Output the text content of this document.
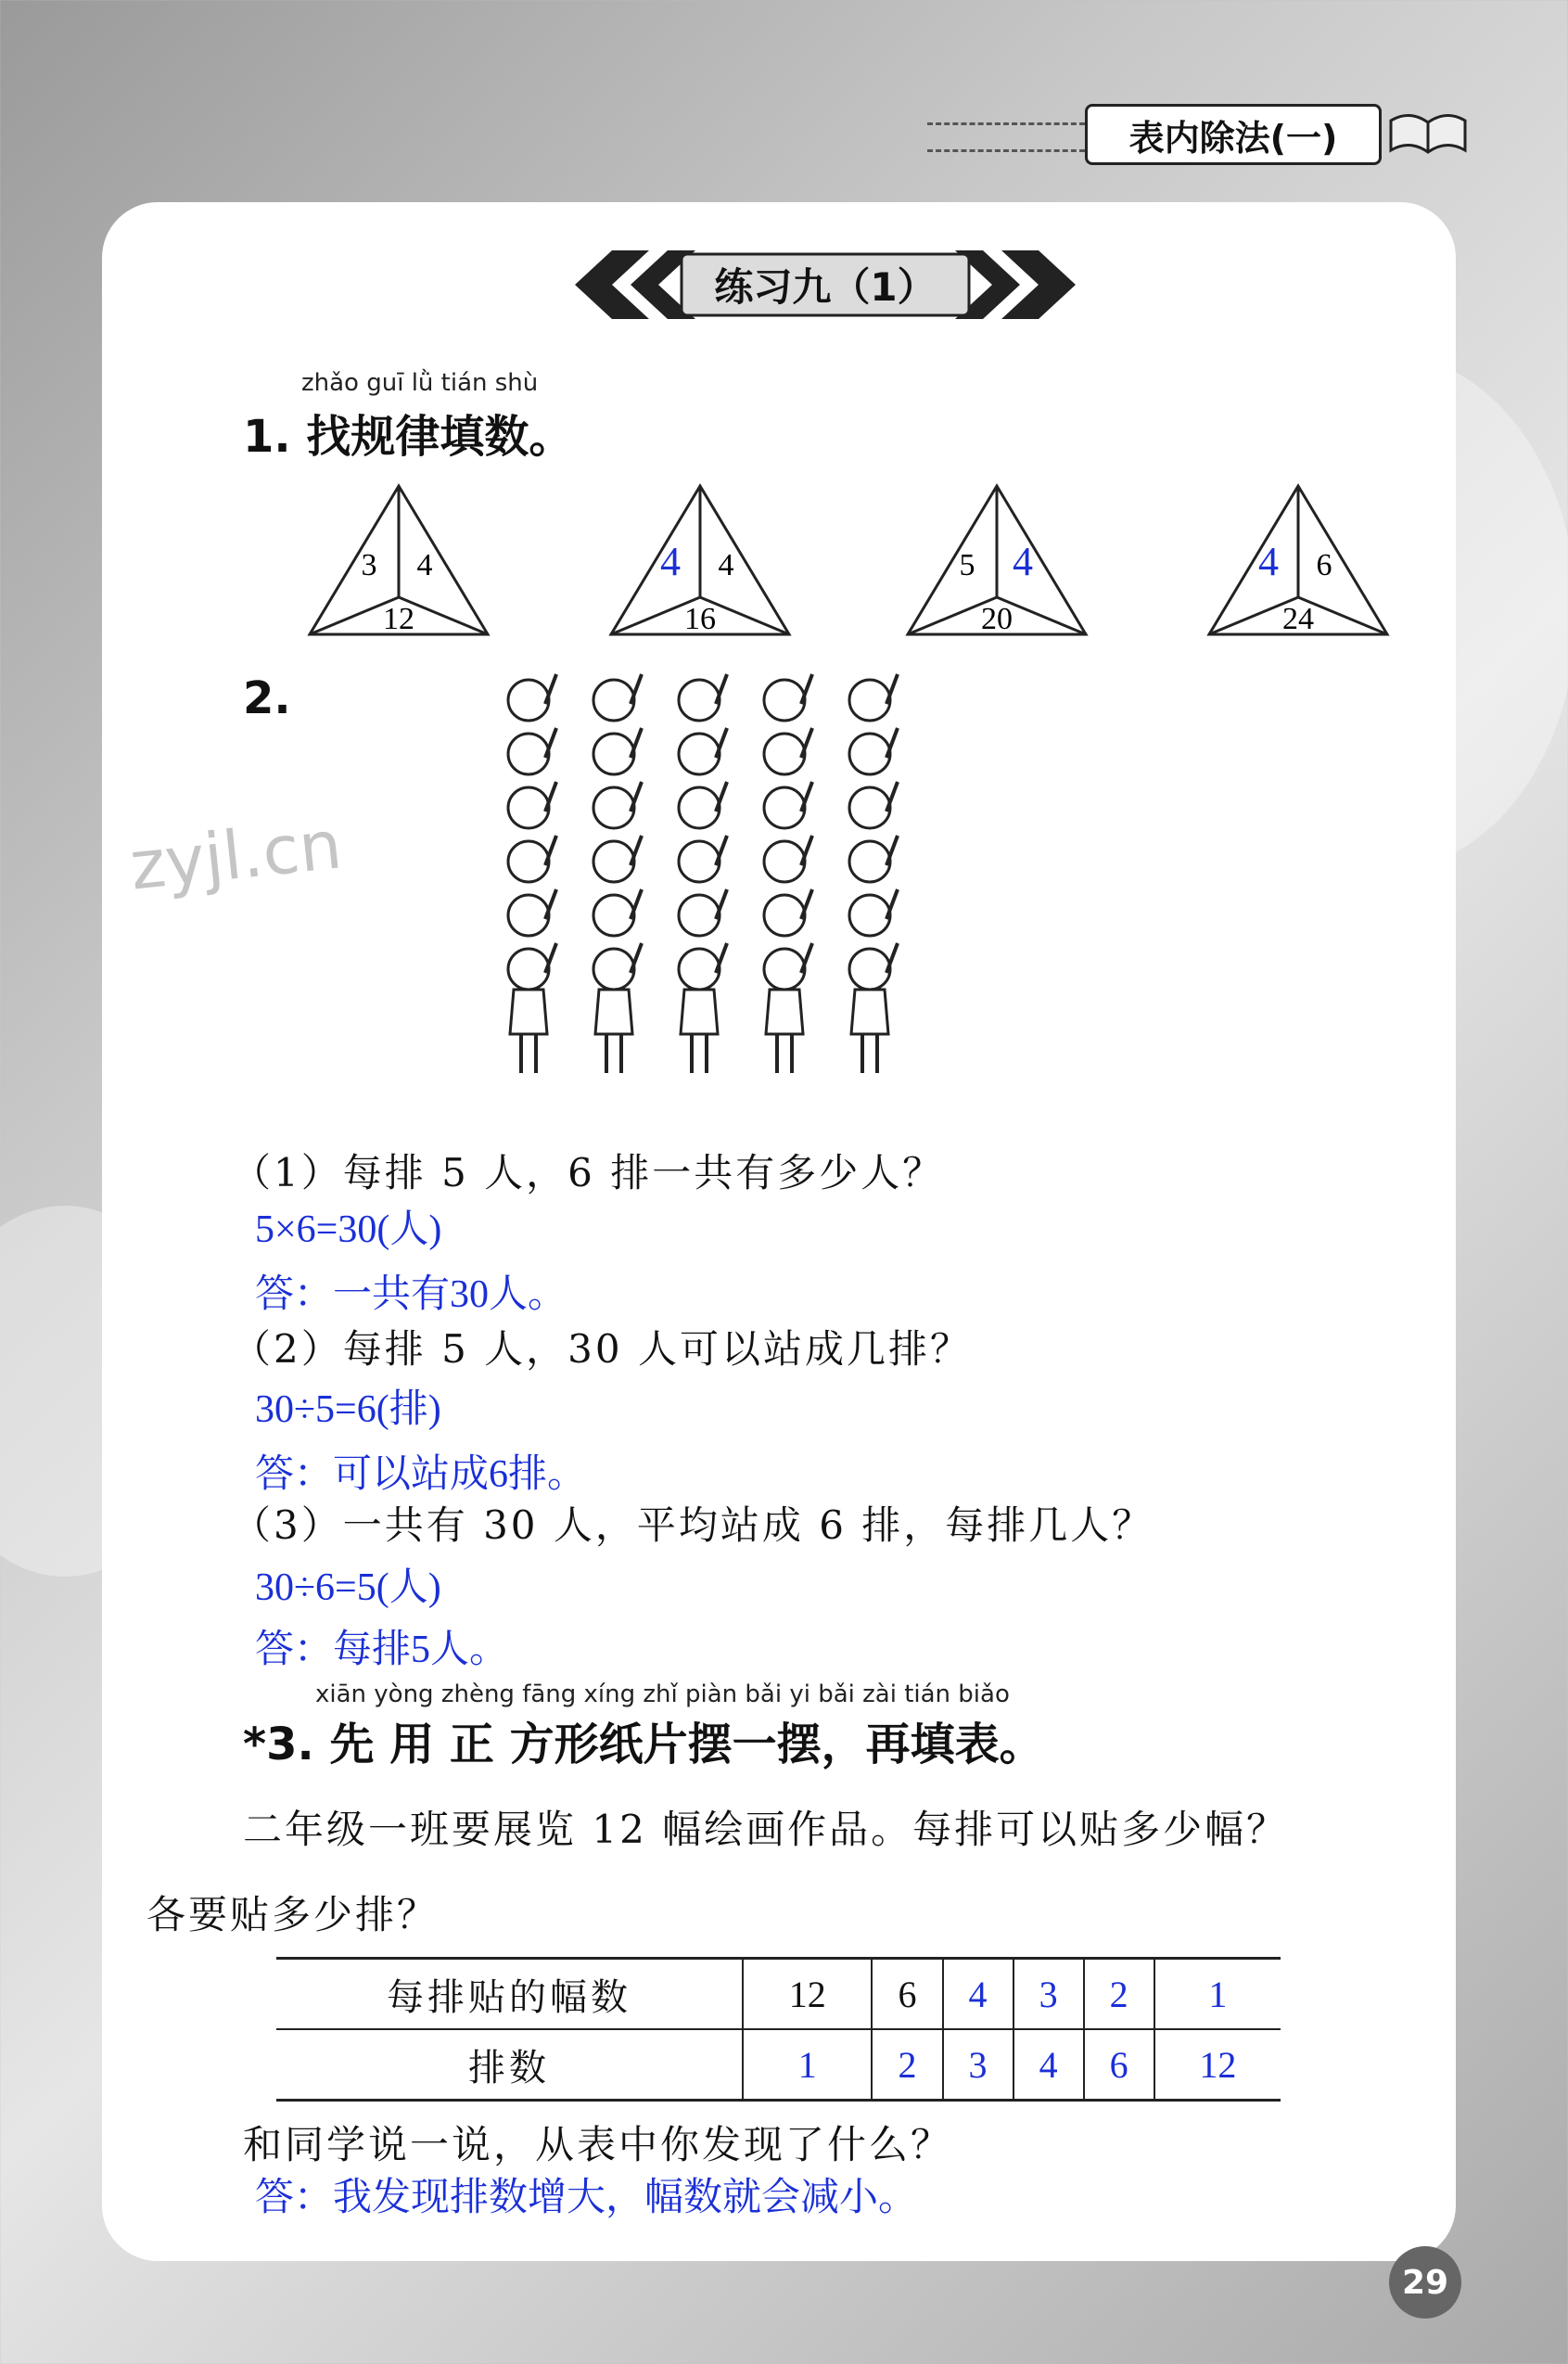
表内除法(一)
zyjl.cn
练习九（1）
zhǎo guī lǜ tián shù
1. 找规律填数。
3 4
12
4 4
16
5 4
20
4 6
24
2.
（1）每排 5 人，6 排一共有多少人？
5×6=30(人)
答：一共有30人。
（2）每排 5 人，30 人可以站成几排？
30÷5=6(排)
答：可以站成6排。
（3）一共有 30 人，平均站成 6 排，每排几人？
30÷6=5(人)
答：每排5人。
xiān yòng zhèng fāng xíng zhǐ piàn bǎi yi bǎi zài tián biǎo
*3. 先 用 正 方形纸片摆一摆，再填表。
二年级一班要展览 12 幅绘画作品。每排可以贴多少幅？
各要贴多少排？
每排贴的幅数	12	6	4	3	2	1
排数	1	2	3	4	6	12
和同学说一说，从表中你发现了什么？
答：我发现排数增大，幅数就会减小。
29
